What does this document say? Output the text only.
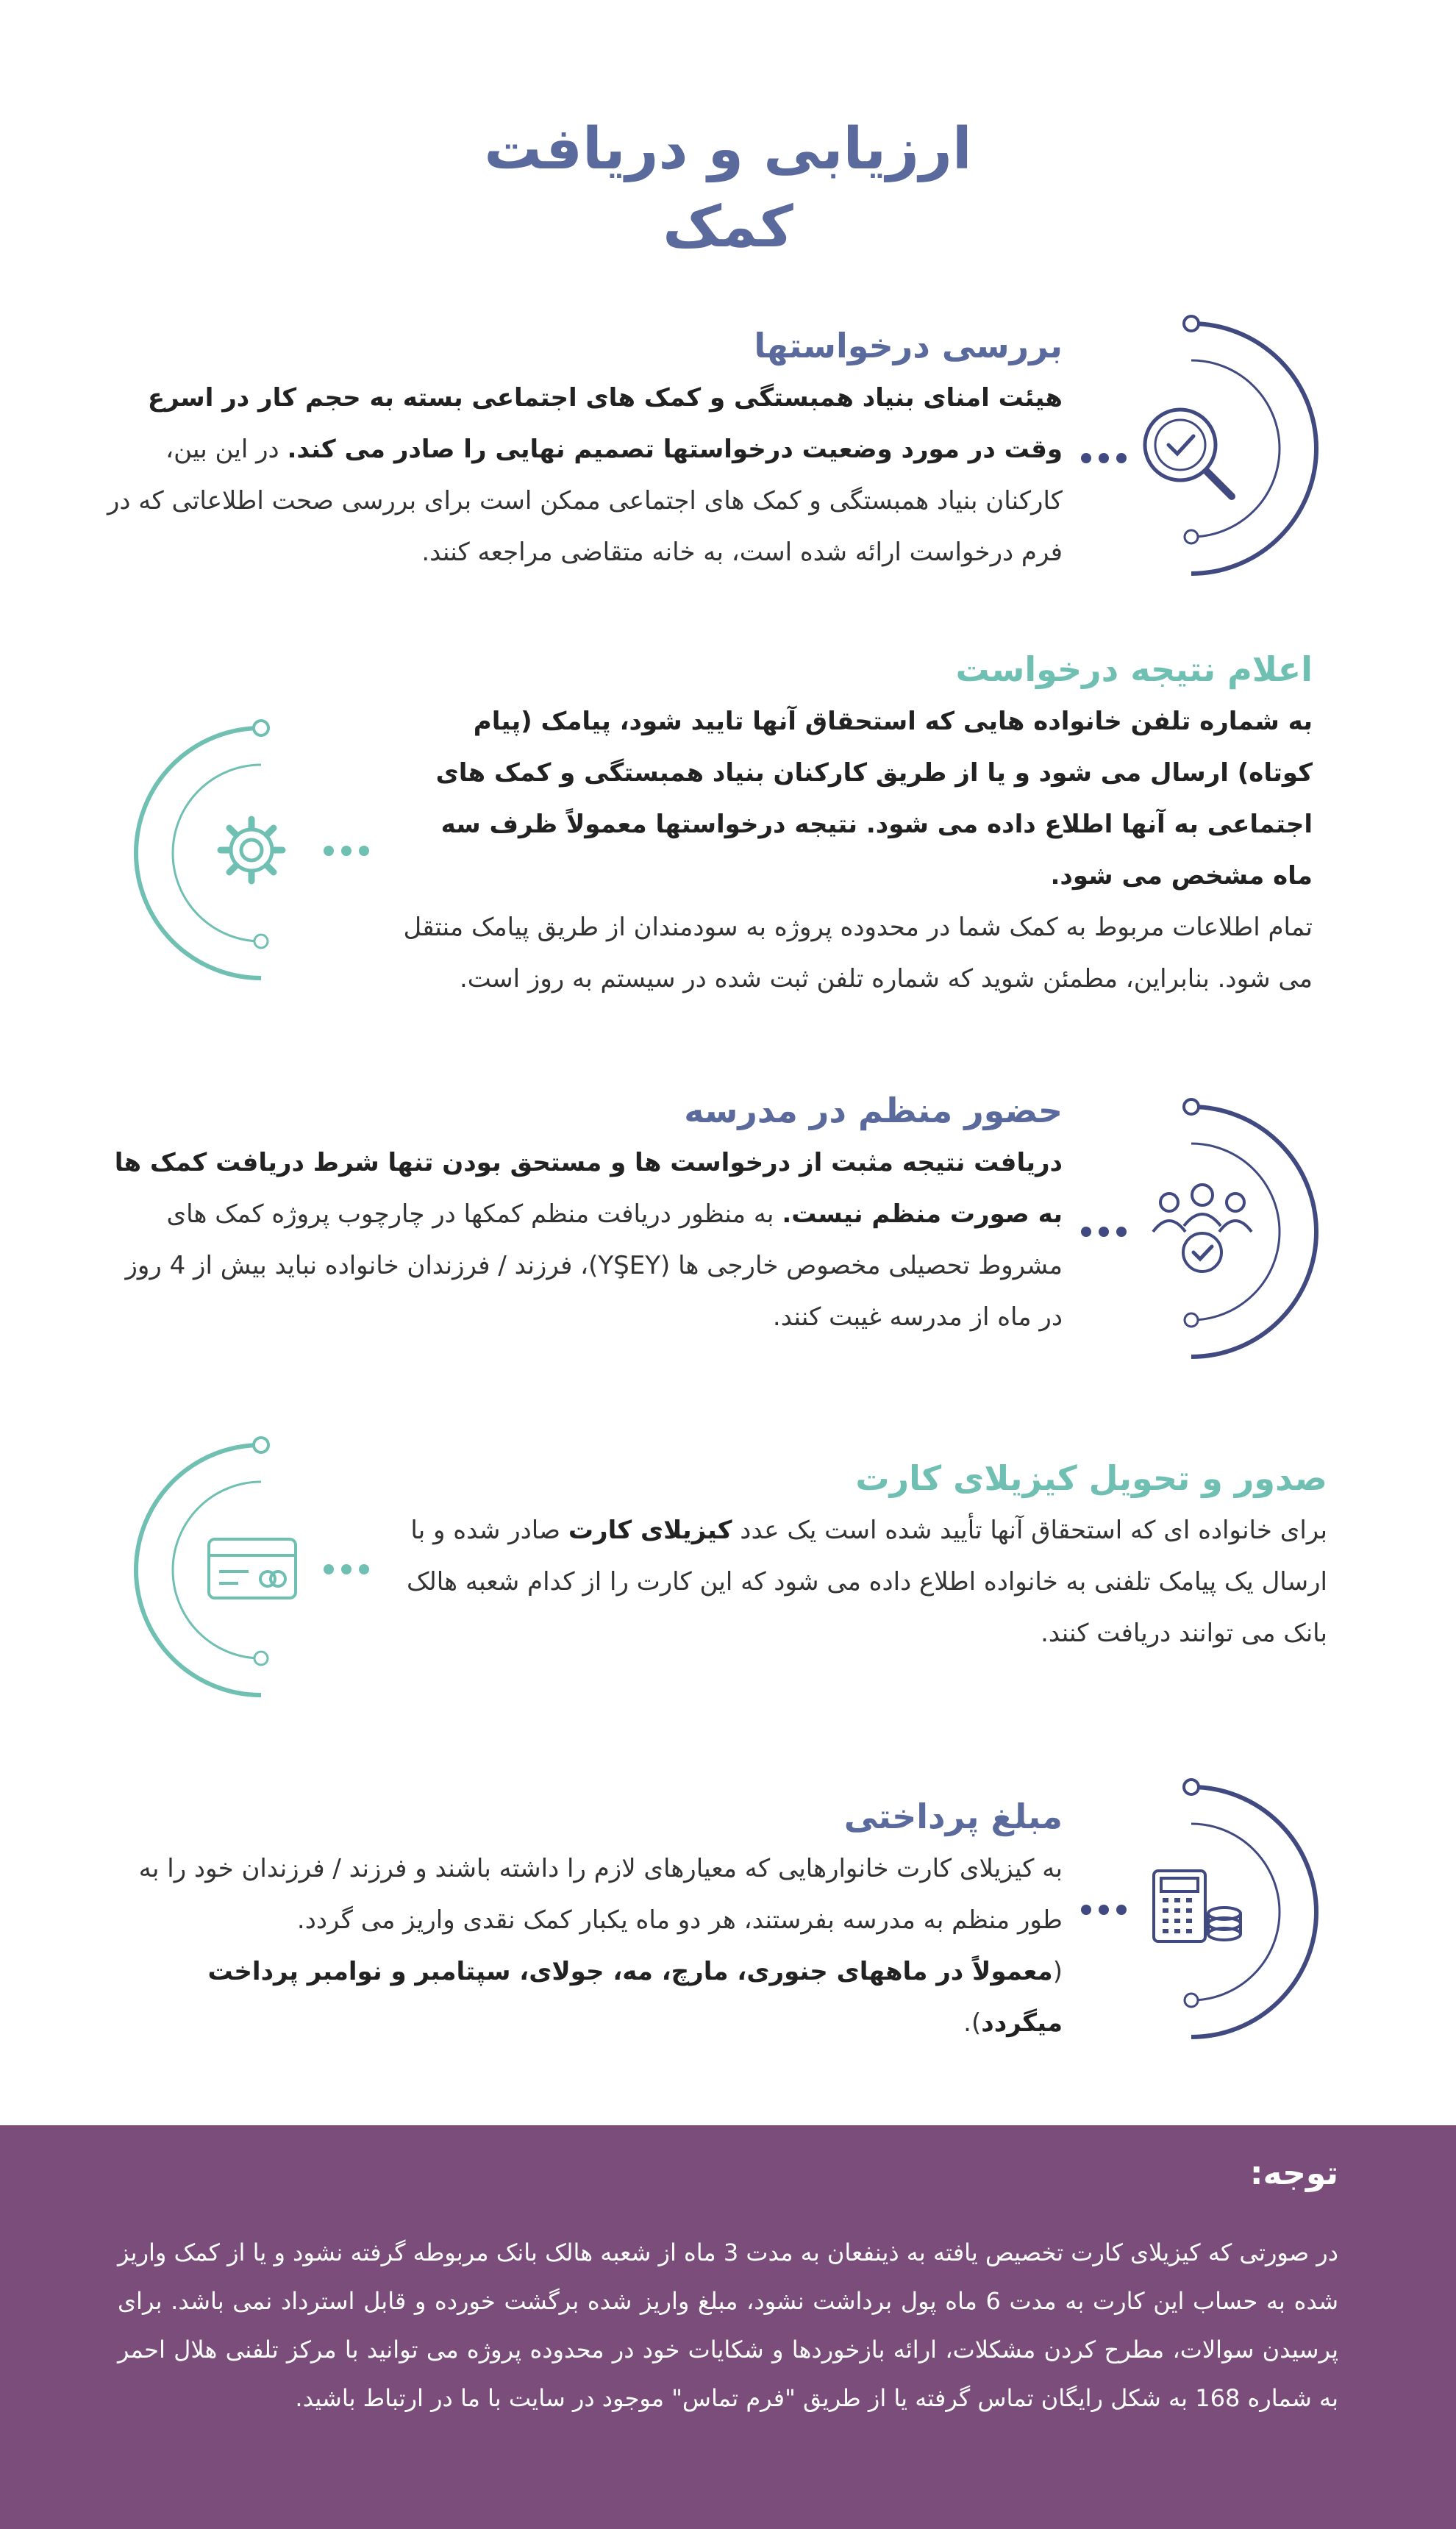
ارزیابی و دریافت
کمک
بررسی درخواستها

هیئت امنای بنیاد همبستگی و کمک های اجتماعی بسته به حجم کار در اسرع وقت در مورد وضعیت درخواستها تصمیم نهایی را صادر می کند. در این بین، کارکنان بنیاد همبستگی و کمک های اجتماعی ممکن است برای بررسی صحت اطلاعاتی که در فرم درخواست ارائه شده است، به خانه متقاضی مراجعه کنند.

اعلام نتیجه درخواست

به شماره تلفن خانواده هایی که استحقاق آنها تایید شود، پیامک (پیام کوتاه) ارسال می شود و یا از طریق کارکنان بنیاد همبستگی و کمک های اجتماعی به آنها اطلاع داده می شود. نتیجه درخواستها معمولاً ظرف سه ماه مشخص می شود.

تمام اطلاعات مربوط به کمک شما در محدوده پروژه به سودمندان از طریق پیامک منتقل می شود. بنابراین، مطمئن شوید که شماره تلفن ثبت شده در سیستم به روز است.

حضور منظم در مدرسه

دریافت نتیجه مثبت از درخواست ها و مستحق بودن تنها شرط دریافت کمک ها به صورت منظم نیست. به منظور دریافت منظم کمکها در چارچوب پروژه کمک های مشروط تحصیلی مخصوص خارجی ها (YŞEY)، فرزند / فرزندان خانواده نباید بیش از 4 روز در ماه از مدرسه غیبت کنند.

صدور و تحویل کیزیلای کارت

برای خانواده ای که استحقاق آنها تأیید شده است یک عدد کیزیلای کارت صادر شده و با ارسال یک پیامک تلفنی به خانواده اطلاع داده می شود که این کارت را از کدام شعبه هالک بانک می توانند دریافت کنند.

مبلغ پرداختی

به کیزیلای کارت خانوارهایی که معیارهای لازم را داشته باشند و فرزند / فرزندان خود را به طور منظم به مدرسه بفرستند، هر دو ماه یکبار کمک نقدی واریز می گردد.

(معمولاً در ماههای جنوری، مارچ، مه، جولای، سپتامبر و نوامبر پرداخت میگردد).

توجه:
در صورتی که کیزیلای کارت تخصیص یافته به ذینفعان به مدت 3 ماه از شعبه هالک بانک مربوطه گرفته نشود و یا از کمک واریز شده به حساب این کارت به مدت 6 ماه پول برداشت نشود، مبلغ واریز شده برگشت خورده و قابل استرداد نمی باشد. برای پرسیدن سوالات، مطرح کردن مشکلات، ارائه بازخوردها و شکایات خود در محدوده پروژه می توانید با مرکز تلفنی هلال احمر به شماره 168 به شکل رایگان تماس گرفته یا از طریق "فرم تماس" موجود در سایت با ما در ارتباط باشید.
